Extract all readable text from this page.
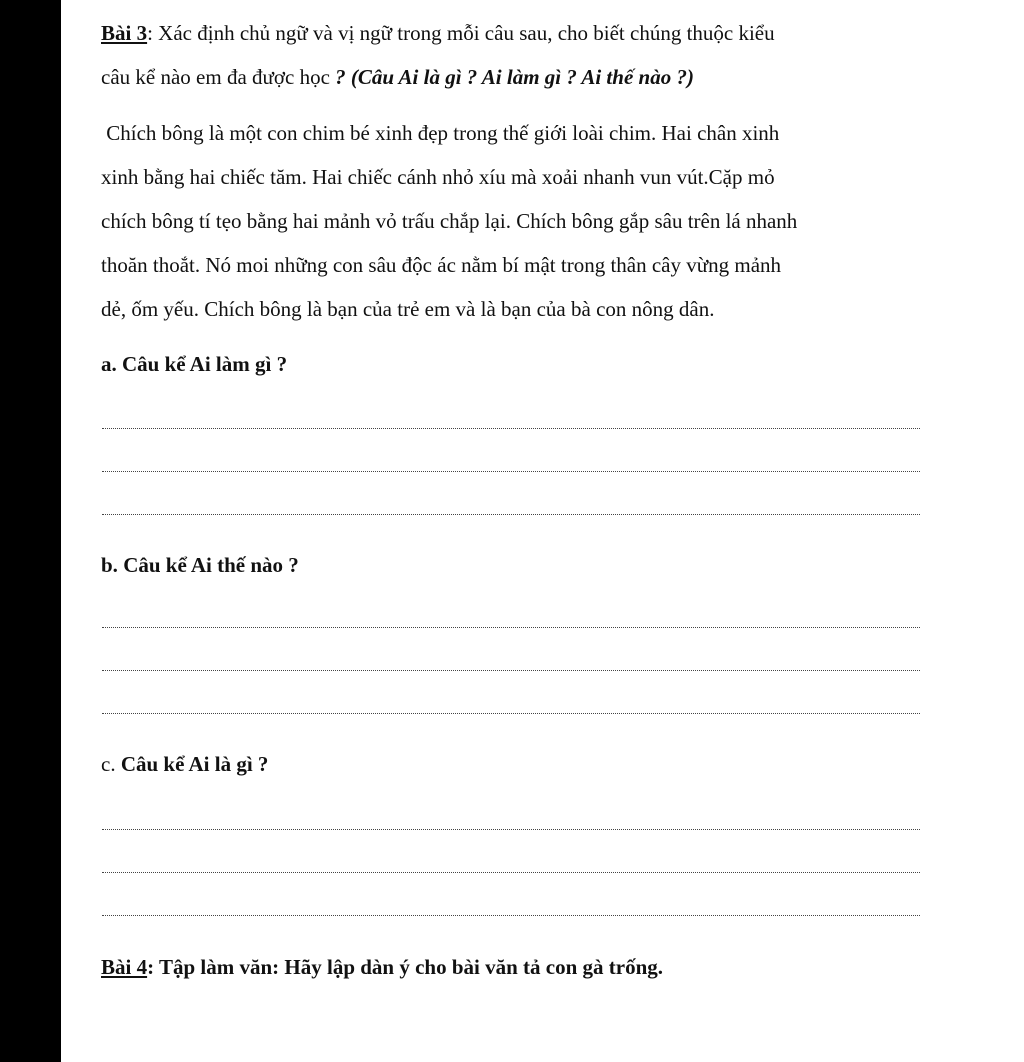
Bài 3: Xác định chủ ngữ và vị ngữ trong mỗi câu sau, cho biết chúng thuộc kiểu
câu kể nào em đa được học ? (Câu Ai là gì ? Ai làm gì ? Ai thế nào ?)
Chích bông là một con chim bé xinh đẹp trong thế giới loài chim. Hai chân xinh
xinh bằng hai chiếc tăm. Hai chiếc cánh nhỏ xíu mà xoải nhanh vun vút.Cặp mỏ
chích bông tí tẹo bằng hai mảnh vỏ trấu chắp lại. Chích bông gắp sâu trên lá nhanh
thoăn thoắt. Nó moi những con sâu độc ác nằm bí mật trong thân cây vừng mảnh
dẻ, ốm yếu. Chích bông là bạn của trẻ em và là bạn của bà con nông dân.
a. Câu kể Ai làm gì ?
b. Câu kể Ai thế nào ?
c. Câu kể Ai là gì ?
Bài 4: Tập làm văn: Hãy lập dàn ý cho bài văn tả con gà trống.
